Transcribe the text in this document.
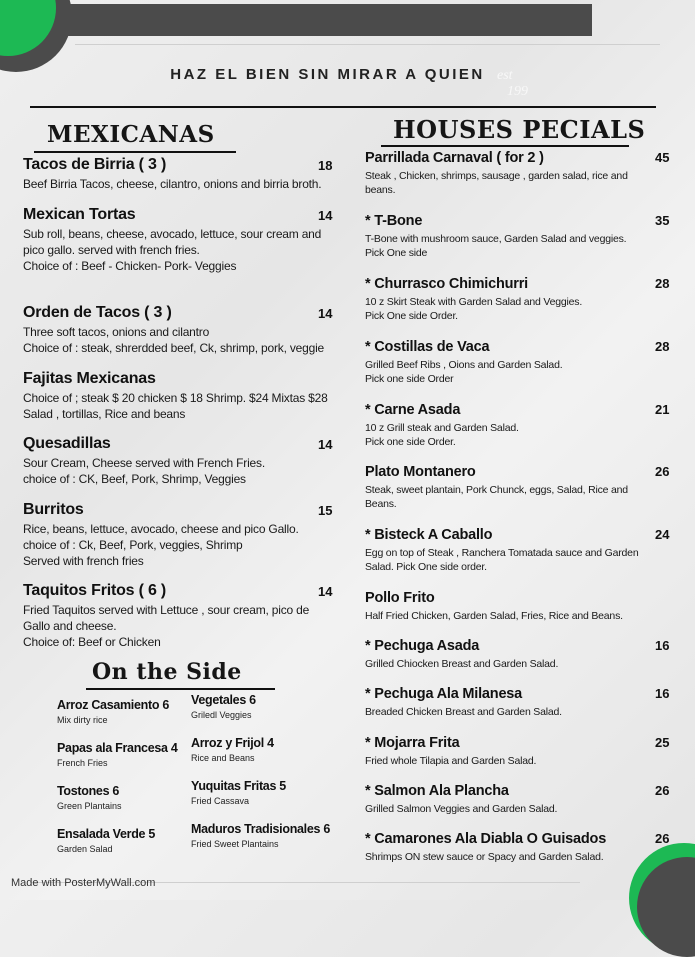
HAZ EL BIEN SIN MIRAR A QUIEN est
199
MEXICANAS
Tacos de Birria ( 3 )	18
Beef Birria Tacos, cheese, cilantro, onions and birria broth.
Mexican Tortas	14
Sub roll, beans, cheese, avocado, lettuce, sour cream and
pico gallo. served with french fries.
Choice of : Beef - Chicken- Pork- Veggies
Orden de Tacos ( 3 )	14
Three soft tacos, onions and cilantro
Choice of : steak, shrerdded beef, Ck, shrimp, pork, veggie
Fajitas Mexicanas
Choice of ; steak $ 20 chicken $ 18 Shrimp. $24 Mixtas $28
Salad , tortillas, Rice and beans
Quesadillas	14
Sour Cream, Cheese served with French Fries.
choice of : CK, Beef, Pork, Shrimp, Veggies
Burritos	15
Rice, beans, lettuce, avocado, cheese and pico Gallo.
choice of : Ck, Beef, Pork, veggies, Shrimp
Served with french fries
Taquitos Fritos ( 6 )	14
Fried Taquitos served with Lettuce , sour cream, pico de
Gallo and cheese.
Choice of: Beef or Chicken
On the Side
Arroz Casamiento 6
Mix dirty rice
Vegetales 6
Griledl Veggies
Papas ala Francesa 4
French Fries
Arroz y Frijol 4
Rice and Beans
Tostones 6
Green Plantains
Yuquitas Fritas 5
Fried Cassava
Ensalada Verde 5
Garden Salad
Maduros Tradisionales 6
Fried Sweet Plantains
HOUSES PECIALS
Parrillada Carnaval ( for 2 )	45
Steak , Chicken, shrimps, sausage , garden salad, rice and
beans.
* T-Bone	35
T-Bone with mushroom sauce, Garden Salad and veggies.
Pick One side
* Churrasco Chimichurri	28
10 z Skirt Steak with Garden Salad and Veggies.
Pick One side Order.
* Costillas de Vaca	28
Grilled Beef Ribs , Oions and Garden Salad.
Pick one side Order
* Carne Asada	21
10 z Grill steak and Garden Salad.
Pick one side Order.
Plato Montanero	26
Steak, sweet plantain, Pork Chunck, eggs, Salad, Rice and
Beans.
* Bisteck A Caballo	24
Egg on top of Steak , Ranchera Tomatada sauce and Garden
Salad. Pick One side order.
Pollo Frito
Half Fried Chicken, Garden Salad, Fries, Rice and Beans.
* Pechuga Asada	16
Grilled Chiocken Breast and Garden Salad.
* Pechuga Ala Milanesa	16
Breaded Chicken Breast and Garden Salad.
* Mojarra Frita	25
Fried whole Tilapia and Garden Salad.
* Salmon Ala Plancha	26
Grilled Salmon Veggies and Garden Salad.
* Camarones Ala Diabla O Guisados	26
Shrimps ON stew sauce or Spacy and Garden Salad.
Made with PosterMyWall.com
